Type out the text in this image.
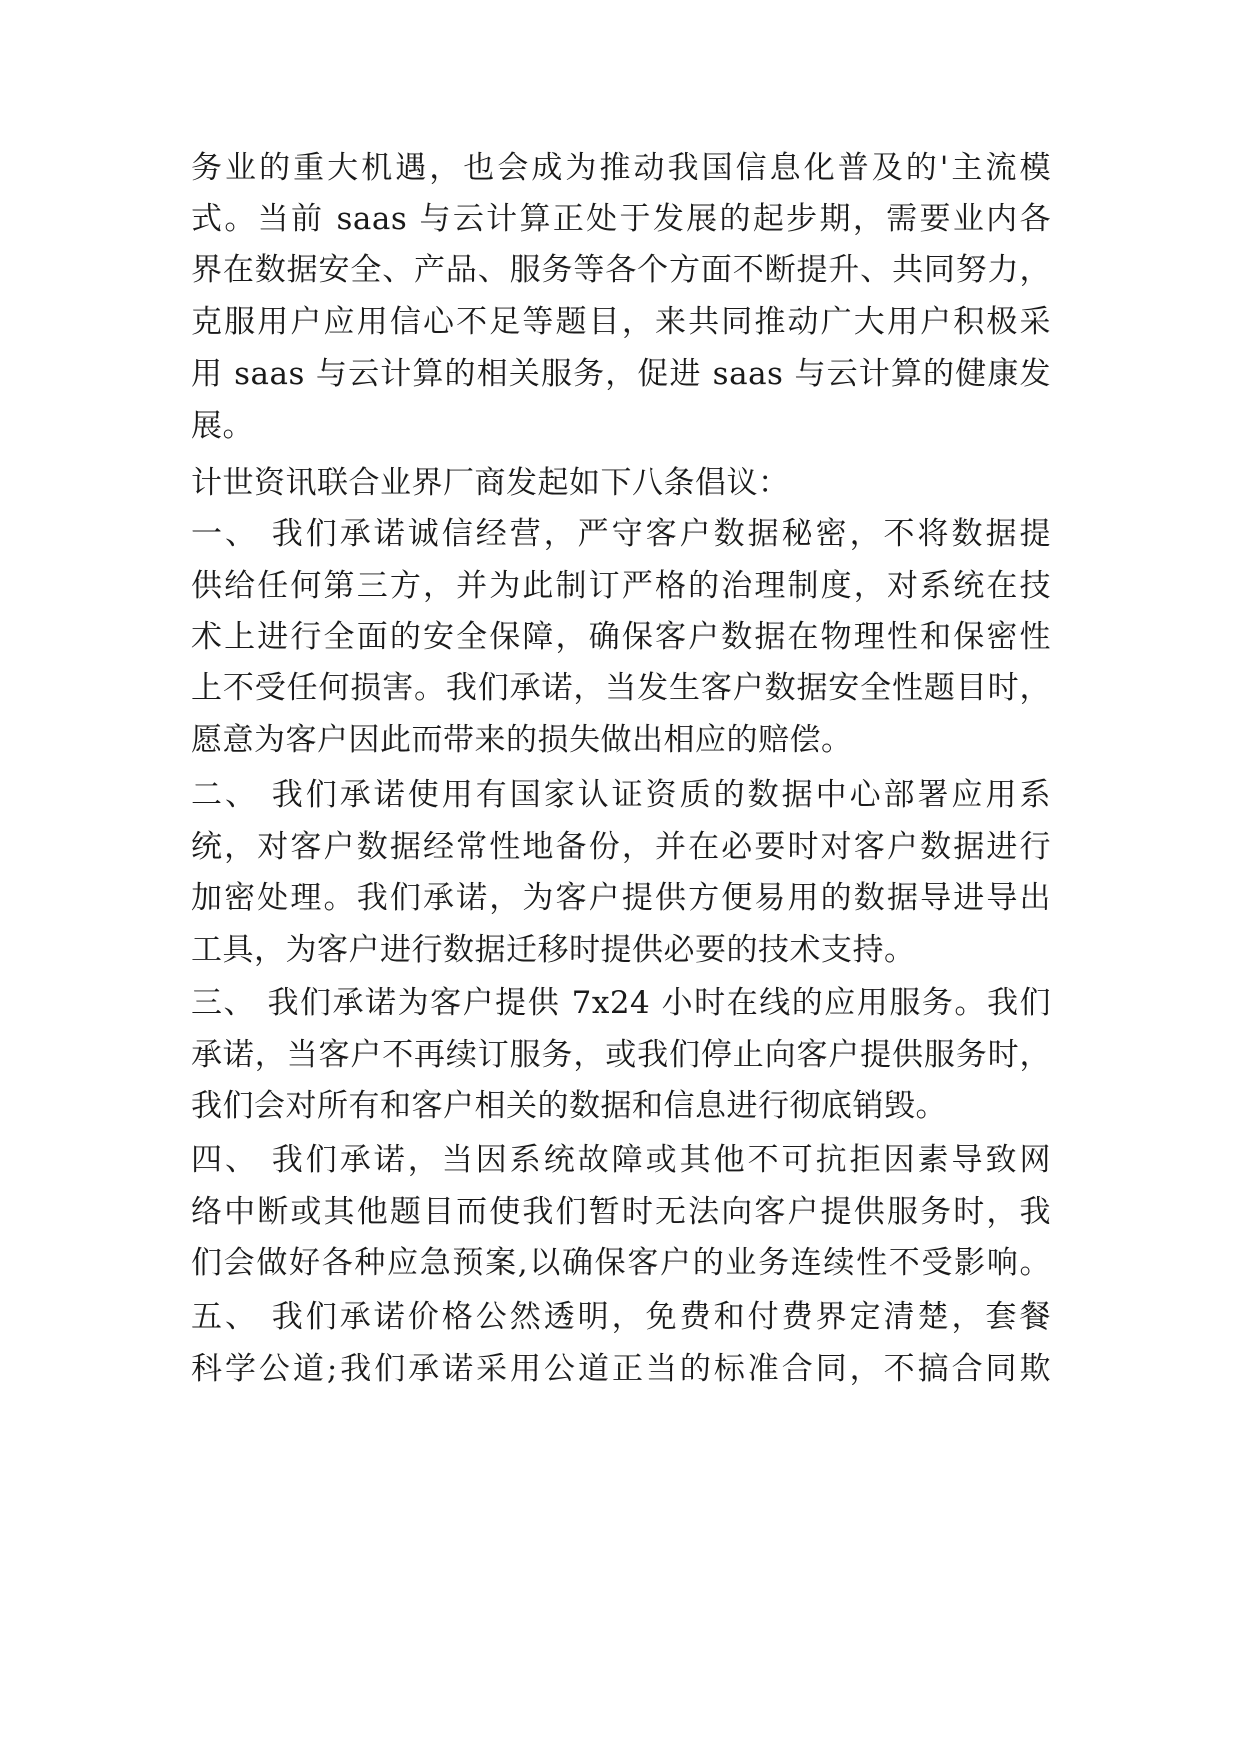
务业的重大机遇，也会成为推动我国信息化普及的'主流模
式。当前 saas 与云计算正处于发展的起步期，需要业内各
界在数据安全、产品、服务等各个方面不断提升、共同努力，
克服用户应用信心不足等题目，来共同推动广大用户积极采
用 saas 与云计算的相关服务，促进 saas 与云计算的健康发
展。
计世资讯联合业界厂商发起如下八条倡议：
一、 我们承诺诚信经营，严守客户数据秘密，不将数据提
供给任何第三方，并为此制订严格的治理制度，对系统在技
术上进行全面的安全保障，确保客户数据在物理性和保密性
上不受任何损害。我们承诺，当发生客户数据安全性题目时，
愿意为客户因此而带来的损失做出相应的赔偿。
二、 我们承诺使用有国家认证资质的数据中心部署应用系
统，对客户数据经常性地备份，并在必要时对客户数据进行
加密处理。我们承诺，为客户提供方便易用的数据导进导出
工具，为客户进行数据迁移时提供必要的技术支持。
三、 我们承诺为客户提供 7x24 小时在线的应用服务。我们
承诺，当客户不再续订服务，或我们停止向客户提供服务时，
我们会对所有和客户相关的数据和信息进行彻底销毁。
四、 我们承诺，当因系统故障或其他不可抗拒因素导致网
络中断或其他题目而使我们暂时无法向客户提供服务时，我
们会做好各种应急预案,以确保客户的业务连续性不受影响。
五、 我们承诺价格公然透明，免费和付费界定清楚，套餐
科学公道;我们承诺采用公道正当的标准合同，不搞合同欺
